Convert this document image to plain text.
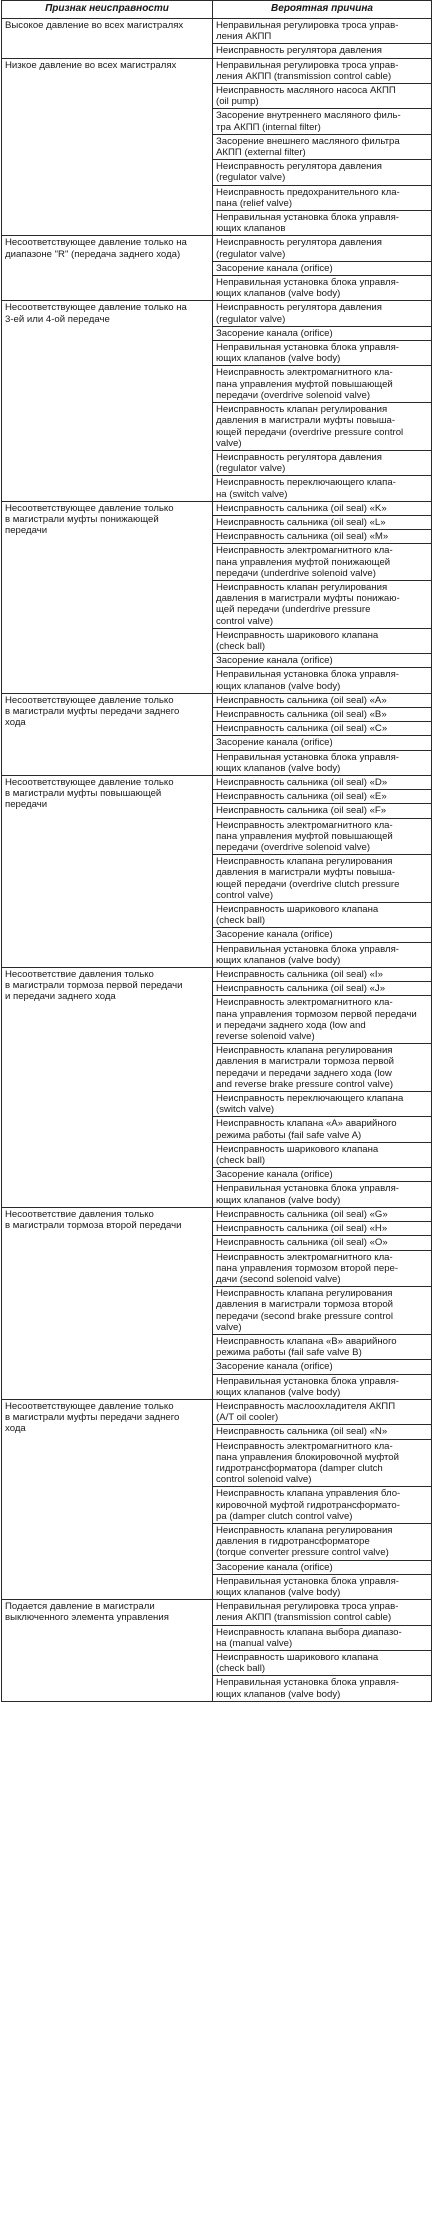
Признак неисправности	Вероятная причина

Высокое давление во всех магистралях	Неправильная регулировка троса управ-
ления АКПП

	Неисправность регулятора давления

Низкое давление во всех магистралях	Неправильная регулировка троса управ-
ления АКПП (transmission control cable)

	Неисправность масляного насоса АКПП
(oil pump)

	Засорение внутреннего масляного филь-
тра АКПП (internal filter)

	Засорение внешнего масляного фильтра
АКПП (external filter)

	Неисправность регулятора давления
(regulator valve)

	Неисправность предохранительного кла-
пана (relief valve)

	Неправильная установка блока управля-
ющих клапанов

Несоответствующее давление только на
диапазоне "R" (передача заднего хода)	Неисправность регулятора давления
(regulator valve)

	Засорение канала (orifice)

	Неправильная установка блока управля-
ющих клапанов (valve body)

Несоответствующее давление только на
3-ей или 4-ой передаче	Неисправность регулятора давления
(regulator valve)

	Засорение канала (orifice)

	Неправильная установка блока управля-
ющих клапанов (valve body)

	Неисправность электромагнитного кла-
пана управления муфтой повышающей
передачи (overdrive solenoid valve)

	Неисправность клапан регулирования
давления в магистрали муфты повыша-
ющей передачи (overdrive pressure control
valve)

	Неисправность регулятора давления
(regulator valve)

	Неисправность переключающего клапа-
на (switch valve)

Несоответствующее давление только
в магистрали муфты понижающей
передачи	Неисправность сальника (oil seal) «K»

	Неисправность сальника (oil seal) «L»

	Неисправность сальника (oil seal) «M»

	Неисправность электромагнитного кла-
пана управления муфтой понижающей
передачи (underdrive solenoid valve)

	Неисправность клапан регулирования
давления в магистрали муфты понижаю-
щей передачи (underdrive pressure
control valve)

	Неисправность шарикового клапана
(check ball)

	Засорение канала (orifice)

	Неправильная установка блока управля-
ющих клапанов (valve body)

Несоответствующее давление только
в магистрали муфты передачи заднего
хода	Неисправность сальника (oil seal) «A»

	Неисправность сальника (oil seal) «B»

	Неисправность сальника (oil seal) «C»

	Засорение канала (orifice)

	Неправильная установка блока управля-
ющих клапанов (valve body)

Несоответствующее давление только
в магистрали муфты повышающей
передачи	Неисправность сальника (oil seal) «D»

	Неисправность сальника (oil seal) «E»

	Неисправность сальника (oil seal) «F»

	Неисправность электромагнитного кла-
пана управления муфтой повышающей
передачи (overdrive solenoid valve)

	Неисправность клапана регулирования
давления в магистрали муфты повыша-
ющей передачи (overdrive clutch pressure
control valve)

	Неисправность шарикового клапана
(check ball)

	Засорение канала (orifice)

	Неправильная установка блока управля-
ющих клапанов (valve body)

Несоответствие давления только
в магистрали тормоза первой передачи
и передачи заднего хода	Неисправность сальника (oil seal) «I»

	Неисправность сальника (oil seal) «J»

	Неисправность электромагнитного кла-
пана управления тормозом первой передачи
и передачи заднего хода (low and
reverse solenoid valve)

	Неисправность клапана регулирования
давления в магистрали тормоза первой
передачи и передачи заднего хода (low
and reverse brake pressure control valve)

	Неисправность переключающего клапана
(switch valve)

	Неисправность клапана «А» аварийного
режима работы (fail safe valve A)

	Неисправность шарикового клапана
(check ball)

	Засорение канала (orifice)

	Неправильная установка блока управля-
ющих клапанов (valve body)

Несоответствие давления только
в магистрали тормоза второй передачи	Неисправность сальника (oil seal) «G»

	Неисправность сальника (oil seal) «H»

	Неисправность сальника (oil seal) «O»

	Неисправность электромагнитного кла-
пана управления тормозом второй пере-
дачи (second solenoid valve)

	Неисправность клапана регулирования
давления в магистрали тормоза второй
передачи (second brake pressure control
valve)

	Неисправность клапана «B» аварийного
режима работы (fail safe valve B)

	Засорение канала (orifice)

	Неправильная установка блока управля-
ющих клапанов (valve body)

Несоответствующее давление только
в магистрали муфты передачи заднего
хода	Неисправность маслоохладителя АКПП
(A/T oil cooler)

	Неисправность сальника (oil seal) «N»

	Неисправность электромагнитного кла-
пана управления блокировочной муфтой
гидротрансформатора (damper clutch
control solenoid valve)

	Неисправность клапана управления бло-
кировочной муфтой гидротрансформато-
ра (damper clutch control valve)

	Неисправность клапана регулирования
давления в гидротрансформаторе
(torque converter pressure control valve)

	Засорение канала (orifice)

	Неправильная установка блока управля-
ющих клапанов (valve body)

Подается давление в магистрали
выключенного элемента управления	Неправильная регулировка троса управ-
ления АКПП (transmission control cable)

	Неисправность клапана выбора диапазо-
на (manual valve)

	Неисправность шарикового клапана
(check ball)

	Неправильная установка блока управля-
ющих клапанов (valve body)
